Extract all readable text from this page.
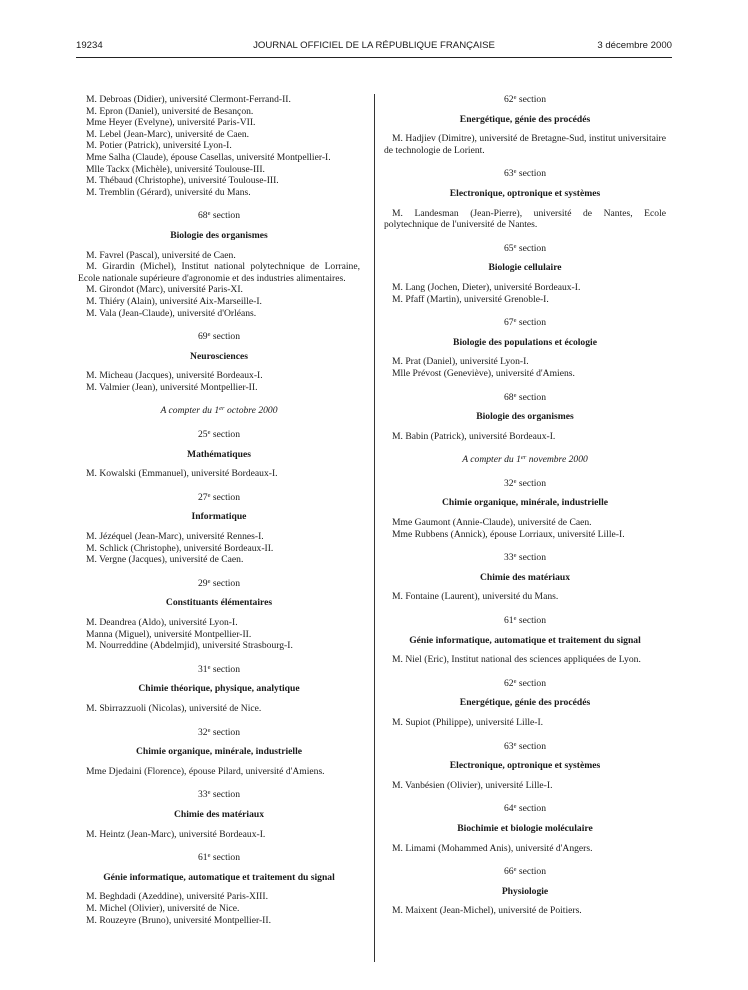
19234	JOURNAL OFFICIEL DE LA RÉPUBLIQUE FRANÇAISE	3 décembre 2000
M. Debroas (Didier), université Clermont-Ferrand-II.
M. Epron (Daniel), université de Besançon.
Mme Heyer (Evelyne), université Paris-VII.
M. Lebel (Jean-Marc), université de Caen.
M. Potier (Patrick), université Lyon-I.
Mme Salha (Claude), épouse Casellas, université Montpellier-I.
Mlle Tackx (Michèle), université Toulouse-III.
M. Thébaud (Christophe), université Toulouse-III.
M. Tremblin (Gérard), université du Mans.
68e section
Biologie des organismes
M. Favrel (Pascal), université de Caen.
M. Girardin (Michel), Institut national polytechnique de Lorraine, Ecole nationale supérieure d'agronomie et des industries alimentaires.
M. Girondot (Marc), université Paris-XI.
M. Thiéry (Alain), université Aix-Marseille-I.
M. Vala (Jean-Claude), université d'Orléans.
69e section
Neurosciences
M. Micheau (Jacques), université Bordeaux-I.
M. Valmier (Jean), université Montpellier-II.
A compter du 1er octobre 2000
25e section
Mathématiques
M. Kowalski (Emmanuel), université Bordeaux-I.
27e section
Informatique
M. Jézéquel (Jean-Marc), université Rennes-I.
M. Schlick (Christophe), université Bordeaux-II.
M. Vergne (Jacques), université de Caen.
29e section
Constituants élémentaires
M. Deandrea (Aldo), université Lyon-I.
Manna (Miguel), université Montpellier-II.
M. Nourreddine (Abdelmjid), université Strasbourg-I.
31e section
Chimie théorique, physique, analytique
M. Sbirrazzuoli (Nicolas), université de Nice.
32e section
Chimie organique, minérale, industrielle
Mme Djedaini (Florence), épouse Pilard, université d'Amiens.
33e section
Chimie des matériaux
M. Heintz (Jean-Marc), université Bordeaux-I.
61e section
Génie informatique, automatique et traitement du signal
M. Beghdadi (Azeddine), université Paris-XIII.
M. Michel (Olivier), université de Nice.
M. Rouzeyre (Bruno), université Montpellier-II.
62e section
Energétique, génie des procédés
M. Hadjiev (Dimitre), université de Bretagne-Sud, institut universitaire de technologie de Lorient.
63e section
Electronique, optronique et systèmes
M. Landesman (Jean-Pierre), université de Nantes, Ecole polytechnique de l'université de Nantes.
65e section
Biologie cellulaire
M. Lang (Jochen, Dieter), université Bordeaux-I.
M. Pfaff (Martin), université Grenoble-I.
67e section
Biologie des populations et écologie
M. Prat (Daniel), université Lyon-I.
Mlle Prévost (Geneviève), université d'Amiens.
68e section
Biologie des organismes
M. Babin (Patrick), université Bordeaux-I.
A compter du 1er novembre 2000
32e section
Chimie organique, minérale, industrielle
Mme Gaumont (Annie-Claude), université de Caen.
Mme Rubbens (Annick), épouse Lorriaux, université Lille-I.
33e section
Chimie des matériaux
M. Fontaine (Laurent), université du Mans.
61e section
Génie informatique, automatique et traitement du signal
M. Niel (Eric), Institut national des sciences appliquées de Lyon.
62e section
Energétique, génie des procédés
M. Supiot (Philippe), université Lille-I.
63e section
Electronique, optronique et systèmes
M. Vanbésien (Olivier), université Lille-I.
64e section
Biochimie et biologie moléculaire
M. Limami (Mohammed Anis), université d'Angers.
66e section
Physiologie
M. Maixent (Jean-Michel), université de Poitiers.
